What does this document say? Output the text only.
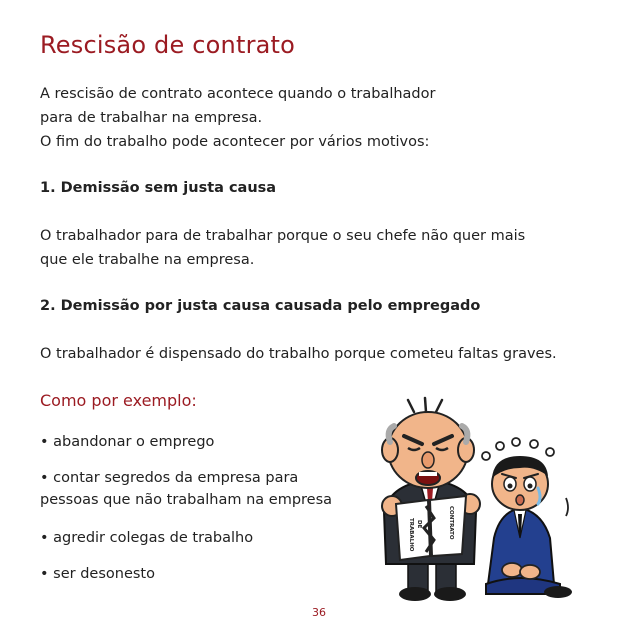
Rescisão de contrato
A rescisão de contrato acontece quando o trabalhador
para de trabalhar na empresa.
O fim do trabalho pode acontecer por vários motivos:
1. Demissão sem justa causa
O trabalhador para de trabalhar porque o seu chefe não quer mais
que ele trabalhe na empresa.
2. Demissão por justa causa causada pelo empregado
O trabalhador é dispensado do trabalho porque cometeu faltas graves.
Como por exemplo:
• abandonar o emprego
• contar segredos da empresa para
pessoas que não trabalham na empresa
• agredir colegas de trabalho
• ser desonesto
TRABALHO DE	CONTRATO
36
